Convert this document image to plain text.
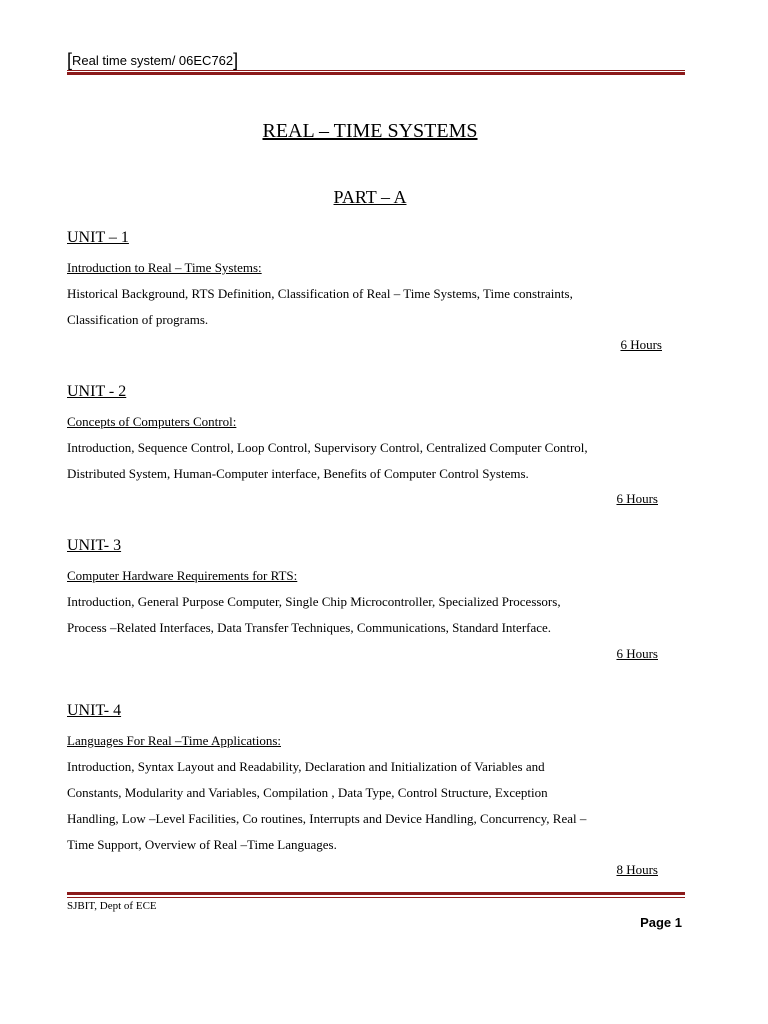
[Real time system/ 06EC762]
REAL – TIME SYSTEMS
PART – A
UNIT – 1
Introduction to Real – Time Systems:

Historical Background, RTS Definition, Classification of Real – Time Systems, Time constraints,

Classification of programs.

6 Hours
UNIT - 2
Concepts of Computers Control:

Introduction, Sequence Control, Loop Control, Supervisory Control, Centralized Computer Control,

Distributed System, Human-Computer interface, Benefits of Computer Control Systems.

6 Hours
UNIT- 3
Computer Hardware Requirements for RTS:

Introduction, General Purpose Computer, Single Chip Microcontroller, Specialized Processors,

Process –Related Interfaces, Data Transfer Techniques, Communications, Standard Interface.

6 Hours
UNIT- 4
Languages For Real –Time Applications:

Introduction, Syntax Layout and Readability, Declaration and Initialization of Variables and

Constants, Modularity and Variables, Compilation , Data Type, Control Structure, Exception

Handling, Low –Level Facilities, Co routines, Interrupts and Device Handling, Concurrency, Real –

Time Support, Overview of Real –Time Languages.

8 Hours
SJBIT, Dept of ECE
Page 1
